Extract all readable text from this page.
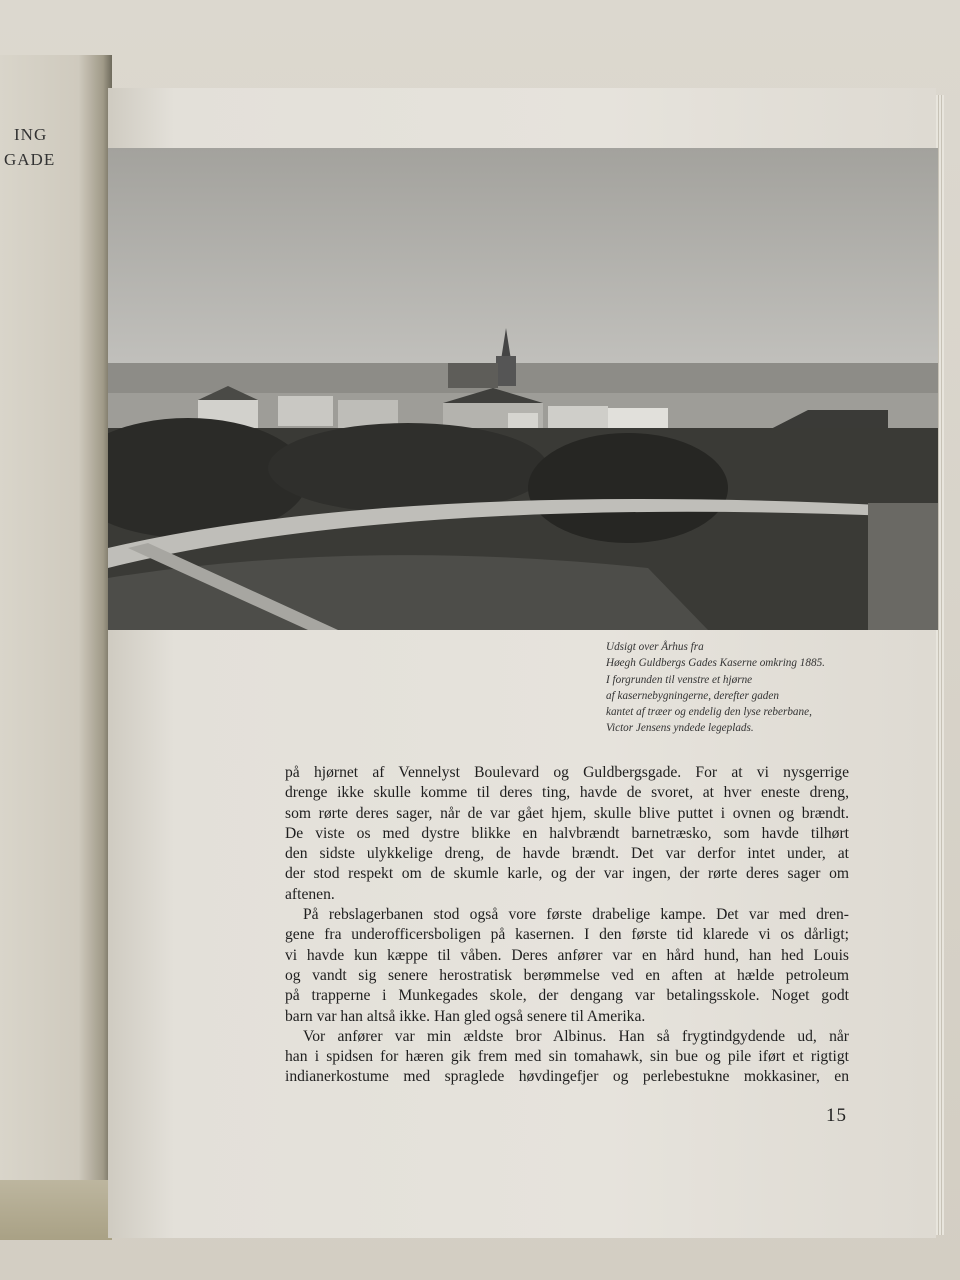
ING
GADE
Udsigt over Århus fra
Høegh Guldbergs Gades Kaserne omkring 1885.
I forgrunden til venstre et hjørne
af kasernebygningerne, derefter gaden
kantet af træer og endelig den lyse reberbane,
Victor Jensens yndede legeplads.
på hjørnet af Vennelyst Boulevard og Guldbergsgade. For at vi nysgerrige
drenge ikke skulle komme til deres ting, havde de svoret, at hver eneste dreng,
som rørte deres sager, når de var gået hjem, skulle blive puttet i ovnen og brændt.
De viste os med dystre blikke en halvbrændt barnetræsko, som havde tilhørt
den sidste ulykkelige dreng, de havde brændt. Det var derfor intet under, at
der stod respekt om de skumle karle, og der var ingen, der rørte deres sager om
aftenen.
På rebslagerbanen stod også vore første drabelige kampe. Det var med dren-
gene fra underofficersboligen på kasernen. I den første tid klarede vi os dårligt;
vi havde kun kæppe til våben. Deres anfører var en hård hund, han hed Louis
og vandt sig senere herostratisk berømmelse ved en aften at hælde petroleum
på trapperne i Munkegades skole, der dengang var betalingsskole. Noget godt
barn var han altså ikke. Han gled også senere til Amerika.
Vor anfører var min ældste bror Albinus. Han så frygtindgydende ud, når
han i spidsen for hæren gik frem med sin tomahawk, sin bue og pile iført et rigtigt
indianerkostume med spraglede høvdingefjer og perlebestukne mokkasiner, en
15
